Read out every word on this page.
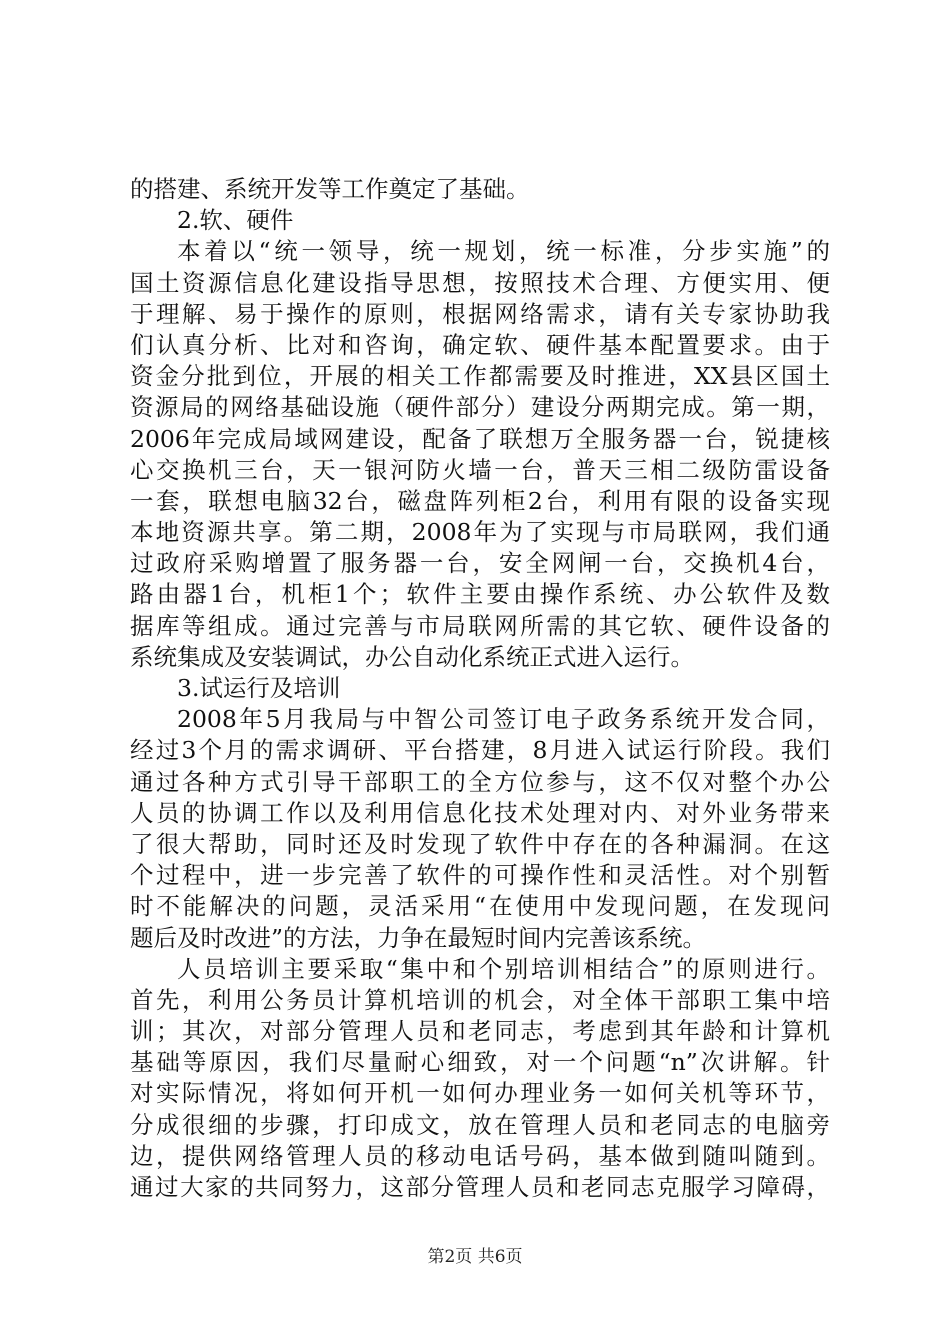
的搭建、系统开发等工作奠定了基础。
2.软、硬件
本着以“统一领导，统一规划，统一标准，分步实施”的
国土资源信息化建设指导思想，按照技术合理、方便实用、便
于理解、易于操作的原则，根据网络需求，请有关专家协助我
们认真分析、比对和咨询，确定软、硬件基本配置要求。由于
资金分批到位，开展的相关工作都需要及时推进，XX县区国土
资源局的网络基础设施（硬件部分）建设分两期完成。第一期，
2006年完成局域网建设，配备了联想万全服务器一台，锐捷核
心交换机三台，天一银河防火墙一台，普天三相二级防雷设备
一套，联想电脑32台，磁盘阵列柜2台，利用有限的设备实现
本地资源共享。第二期，2008年为了实现与市局联网，我们通
过政府采购增置了服务器一台，安全网闸一台，交换机4台，
路由器1台，机柜1个；软件主要由操作系统、办公软件及数
据库等组成。通过完善与市局联网所需的其它软、硬件设备的
系统集成及安装调试，办公自动化系统正式进入运行。
3.试运行及培训
2008年5月我局与中智公司签订电子政务系统开发合同，
经过3个月的需求调研、平台搭建，8月进入试运行阶段。我们
通过各种方式引导干部职工的全方位参与，这不仅对整个办公
人员的协调工作以及利用信息化技术处理对内、对外业务带来
了很大帮助，同时还及时发现了软件中存在的各种漏洞。在这
个过程中，进一步完善了软件的可操作性和灵活性。对个别暂
时不能解决的问题，灵活采用“在使用中发现问题，在发现问
题后及时改进”的方法，力争在最短时间内完善该系统。
人员培训主要采取“集中和个别培训相结合”的原则进行。
首先，利用公务员计算机培训的机会，对全体干部职工集中培
训；其次，对部分管理人员和老同志，考虑到其年龄和计算机
基础等原因，我们尽量耐心细致，对一个问题“n”次讲解。针
对实际情况，将如何开机一如何办理业务一如何关机等环节，
分成很细的步骤，打印成文，放在管理人员和老同志的电脑旁
边，提供网络管理人员的移动电话号码，基本做到随叫随到。
通过大家的共同努力，这部分管理人员和老同志克服学习障碍，
第2页 共6页
